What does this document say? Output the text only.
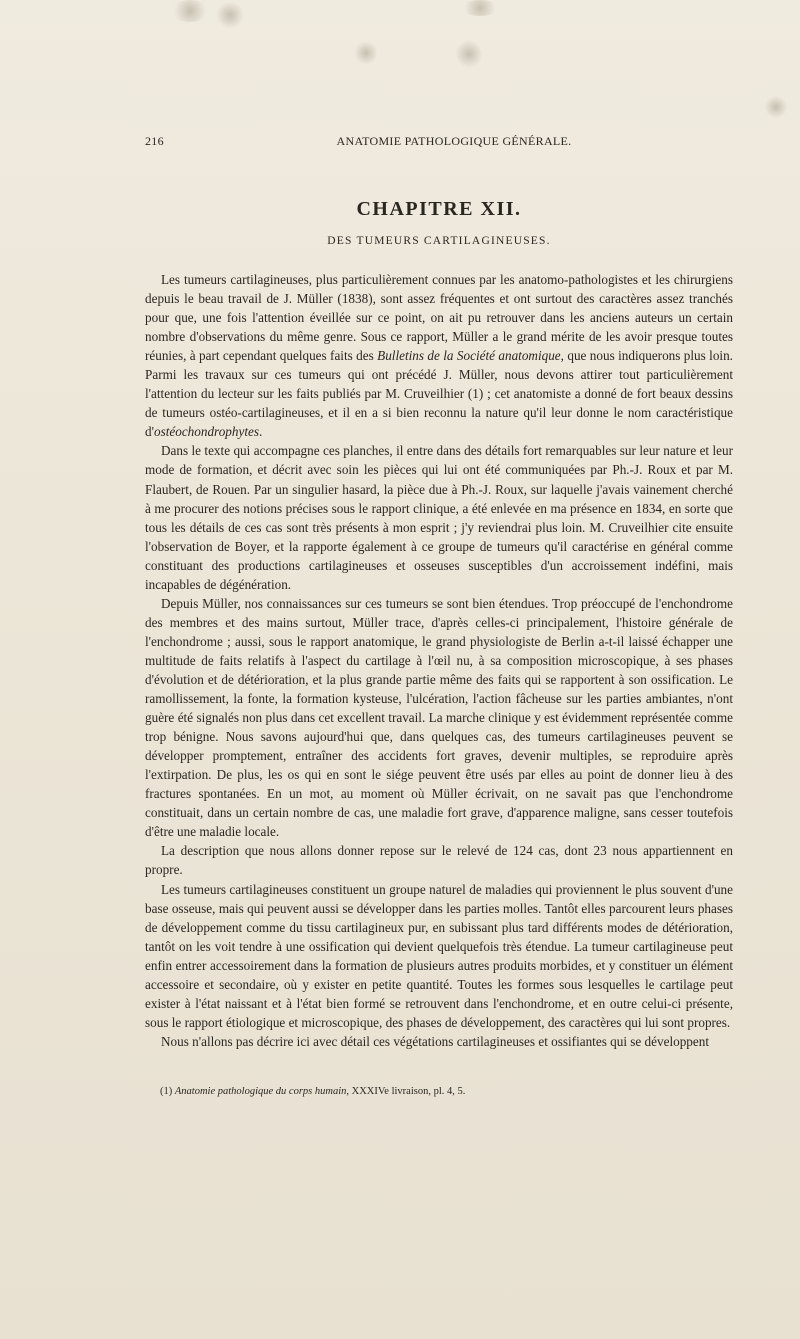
216	ANATOMIE PATHOLOGIQUE GÉNÉRALE.
CHAPITRE XII.
DES TUMEURS CARTILAGINEUSES.

Les tumeurs cartilagineuses, plus particulièrement connues par les anatomo-pathologistes et les chirurgiens depuis le beau travail de J. Müller (1838), sont assez fréquentes et ont surtout des caractères assez tranchés pour que, une fois l'attention éveillée sur ce point, on ait pu retrouver dans les anciens auteurs un certain nombre d'observations du même genre. Sous ce rapport, Müller a le grand mérite de les avoir presque toutes réunies, à part cependant quelques faits des Bulletins de la Société anatomique, que nous indiquerons plus loin. Parmi les travaux sur ces tumeurs qui ont précédé J. Müller, nous devons attirer tout particulièrement l'attention du lecteur sur les faits publiés par M. Cruveilhier (1) ; cet anatomiste a donné de fort beaux dessins de tumeurs ostéo-cartilagineuses, et il en a si bien reconnu la nature qu'il leur donne le nom caractéristique d'ostéochondrophytes.

Dans le texte qui accompagne ces planches, il entre dans des détails fort remarquables sur leur nature et leur mode de formation, et décrit avec soin les pièces qui lui ont été communiquées par Ph.-J. Roux et par M. Flaubert, de Rouen. Par un singulier hasard, la pièce due à Ph.-J. Roux, sur laquelle j'avais vainement cherché à me procurer des notions précises sous le rapport clinique, a été enlevée en ma présence en 1834, en sorte que tous les détails de ces cas sont très présents à mon esprit ; j'y reviendrai plus loin. M. Cruveilhier cite ensuite l'observation de Boyer, et la rapporte également à ce groupe de tumeurs qu'il caractérise en général comme constituant des productions cartilagineuses et osseuses susceptibles d'un accroissement indéfini, mais incapables de dégénération.

Depuis Müller, nos connaissances sur ces tumeurs se sont bien étendues. Trop préoccupé de l'enchondrome des membres et des mains surtout, Müller trace, d'après celles-ci principalement, l'histoire générale de l'enchondrome ; aussi, sous le rapport anatomique, le grand physiologiste de Berlin a-t-il laissé échapper une multitude de faits relatifs à l'aspect du cartilage à l'œil nu, à sa composition microscopique, à ses phases d'évolution et de détérioration, et la plus grande partie même des faits qui se rapportent à son ossification. Le ramollissement, la fonte, la formation kysteuse, l'ulcération, l'action fâcheuse sur les parties ambiantes, n'ont guère été signalés non plus dans cet excellent travail. La marche clinique y est évidemment représentée comme trop bénigne. Nous savons aujourd'hui que, dans quelques cas, des tumeurs cartilagineuses peuvent se développer promptement, entraîner des accidents fort graves, devenir multiples, se reproduire après l'extirpation. De plus, les os qui en sont le siége peuvent être usés par elles au point de donner lieu à des fractures spontanées. En un mot, au moment où Müller écrivait, on ne savait pas que l'enchondrome constituait, dans un certain nombre de cas, une maladie fort grave, d'apparence maligne, sans cesser toutefois d'être une maladie locale.

La description que nous allons donner repose sur le relevé de 124 cas, dont 23 nous appartiennent en propre.

Les tumeurs cartilagineuses constituent un groupe naturel de maladies qui proviennent le plus souvent d'une base osseuse, mais qui peuvent aussi se développer dans les parties molles. Tantôt elles parcourent leurs phases de développement comme du tissu cartilagineux pur, en subissant plus tard différents modes de détérioration, tantôt on les voit tendre à une ossification qui devient quelquefois très étendue. La tumeur cartilagineuse peut enfin entrer accessoirement dans la formation de plusieurs autres produits morbides, et y constituer un élément accessoire et secondaire, où y exister en petite quantité. Toutes les formes sous lesquelles le cartilage peut exister à l'état naissant et à l'état bien formé se retrouvent dans l'enchondrome, et en outre celui-ci présente, sous le rapport étiologique et microscopique, des phases de développement, des caractères qui lui sont propres.

Nous n'allons pas décrire ici avec détail ces végétations cartilagineuses et ossifiantes qui se développent

(1) Anatomie pathologique du corps humain, XXXIVe livraison, pl. 4, 5.
